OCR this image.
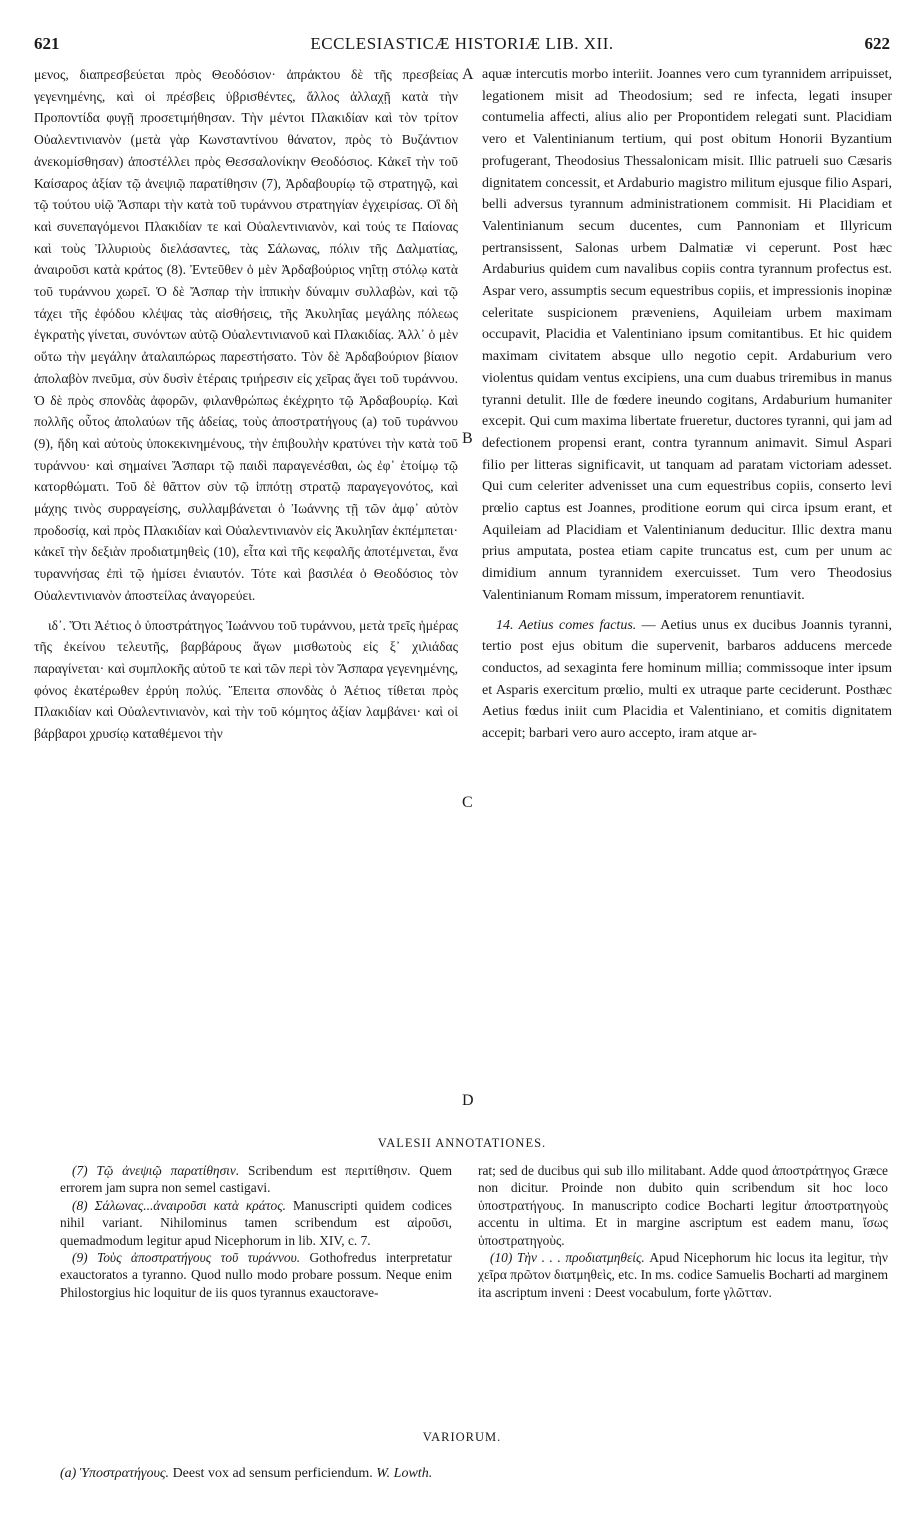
621	ECCLESIASTICÆ HISTORIÆ LIB. XII.	622

μενος, διαπρεσβεύεται πρὸς Θεοδόσιον· ἀπράκτου δὲ τῆς πρεσβείας γεγενημένης, καὶ οἱ πρέσβεις ὑβρισθέντες, ἄλλος ἀλλαχῇ κατὰ τὴν Προποντίδα φυγῇ προσετιμήθησαν. Τὴν μέντοι Πλακιδίαν καὶ τὸν τρίτον Οὐαλεντινιανὸν (μετὰ γὰρ Κωνσταντίνου θάνατον, πρὸς τὸ Βυζάντιον ἀνεκομίσθησαν) ἀποστέλλει πρὸς Θεσσαλονίκην Θεοδόσιος. Κἀκεῖ τὴν τοῦ Καίσαρος ἀξίαν τῷ ἀνεψιῷ παρατίθησιν (7), Ἀρδαβουρίῳ τῷ στρατηγῷ, καὶ τῷ τούτου υἱῷ Ἄσπαρι τὴν κατὰ τοῦ τυράννου στρατηγίαν ἐγχειρίσας. Οἳ δὴ καὶ συνεπαγόμενοι Πλακιδίαν τε καὶ Οὐαλεντινιανὸν, καὶ τούς τε Παίονας καὶ τοὺς Ἰλλυριοὺς διελάσαντες, τὰς Σάλωνας, πόλιν τῆς Δαλματίας, ἀναιροῦσι κατὰ κράτος (8). Ἐντεῦθεν ὁ μὲν Ἀρδαβούριος νηΐτῃ στόλῳ κατὰ τοῦ τυράννου χωρεῖ. Ὁ δὲ Ἄσπαρ τὴν ἱππικὴν δύναμιν συλλαβὼν, καὶ τῷ τάχει τῆς ἐφόδου κλέψας τὰς αἰσθήσεις, τῆς Ἀκυληΐας μεγάλης πόλεως ἐγκρατὴς γίνεται, συνόντων αὐτῷ Οὐαλεντινιανοῦ καὶ Πλακιδίας. Ἀλλ᾽ ὁ μὲν οὕτω τὴν μεγάλην ἀταλαιπώρως παρεστήσατο. Τὸν δὲ Ἀρδαβούριον βίαιον ἀπολαβὸν πνεῦμα, σὺν δυσὶν ἑτέραις τριήρεσιν εἰς χεῖρας ἄγει τοῦ τυράννου. Ὁ δὲ πρὸς σπονδὰς ἀφορῶν, φιλανθρώπως ἐκέχρητο τῷ Ἀρδαβουρίῳ. Καὶ πολλῆς οὗτος ἀπολαύων τῆς ἀδείας, τοὺς ἀποστρατήγους (a) τοῦ τυράννου (9), ἤδη καὶ αὐτοὺς ὑποκεκινημένους, τὴν ἐπιβουλὴν κρατύνει τὴν κατὰ τοῦ τυράννου· καὶ σημαίνει Ἄσπαρι τῷ παιδὶ παραγενέσθαι, ὡς ἐφ᾽ ἑτοίμῳ τῷ κατορθώματι. Τοῦ δὲ θᾶττον σὺν τῷ ἱππότῃ στρατῷ παραγεγονότος, καὶ μάχης τινὸς συρραγείσης, συλλαμβάνεται ὁ Ἰωάννης τῇ τῶν ἀμφ᾽ αὐτὸν προδοσίᾳ, καὶ πρὸς Πλακιδίαν καὶ Οὐαλεντινιανὸν εἰς Ἀκυληΐαν ἐκπέμπεται· κἀκεῖ τὴν δεξιὰν προδιατμηθεὶς (10), εἶτα καὶ τῆς κεφαλῆς ἀποτέμνεται, ἕνα τυραννήσας ἐπὶ τῷ ἡμίσει ἐνιαυτόν. Τότε καὶ βασιλέα ὁ Θεοδόσιος τὸν Οὐαλεντινιανὸν ἀποστείλας ἀναγορεύει.

ιδ᾽. Ὅτι Ἀέτιος ὁ ὑποστράτηγος Ἰωάννου τοῦ τυράννου, μετὰ τρεῖς ἡμέρας τῆς ἐκείνου τελευτῆς, βαρβάρους ἄγων μισθωτοὺς εἰς ξ᾽ χιλιάδας παραγίνεται· καὶ συμπλοκῆς αὐτοῦ τε καὶ τῶν περὶ τὸν Ἄσπαρα γεγενημένης, φόνος ἑκατέρωθεν ἐρρύη πολύς. Ἔπειτα σπονδὰς ὁ Ἀέτιος τίθεται πρὸς Πλακιδίαν καὶ Οὐαλεντινιανὸν, καὶ τὴν τοῦ κόμητος ἀξίαν λαμβάνει· καὶ οἱ βάρβαροι χρυσίῳ καταθέμενοι τὴν

A
B
C
D

aquæ intercutis morbo interiit. Joannes vero cum tyrannidem arripuisset, legationem misit ad Theodosium; sed re infecta, legati insuper contumelia affecti, alius alio per Propontidem relegati sunt. Placidiam vero et Valentinianum tertium, qui post obitum Honorii Byzantium profugerant, Theodosius Thessalonicam misit. Illic patrueli suo Cæsaris dignitatem concessit, et Ardaburio magistro militum ejusque filio Aspari, belli adversus tyrannum administrationem commisit. Hi Placidiam et Valentinianum secum ducentes, cum Pannoniam et Illyricum pertransissent, Salonas urbem Dalmatiæ vi ceperunt. Post hæc Ardaburius quidem cum navalibus copiis contra tyrannum profectus est. Aspar vero, assumptis secum equestribus copiis, et impressionis inopinæ celeritate suspicionem præveniens, Aquileiam urbem maximam occupavit, Placidia et Valentiniano ipsum comitantibus. Et hic quidem maximam civitatem absque ullo negotio cepit. Ardaburium vero violentus quidam ventus excipiens, una cum duabus triremibus in manus tyranni detulit. Ille de fœdere ineundo cogitans, Ardaburium humaniter excepit. Qui cum maxima libertate frueretur, ductores tyranni, qui jam ad defectionem propensi erant, contra tyrannum animavit. Simul Aspari filio per litteras significavit, ut tanquam ad paratam victoriam adesset. Qui cum celeriter advenisset una cum equestribus copiis, conserto levi prœlio captus est Joannes, proditione eorum qui circa ipsum erant, et Aquileiam ad Placidiam et Valentinianum deducitur. Illic dextra manu prius amputata, postea etiam capite truncatus est, cum per unum ac dimidium annum tyrannidem exercuisset. Tum vero Theodosius Valentinianum Romam missum, imperatorem renuntiavit.

14. Aetius comes factus. — Aetius unus ex ducibus Joannis tyranni, tertio post ejus obitum die supervenit, barbaros adducens mercede conductos, ad sexaginta fere hominum millia; commissoque inter ipsum et Asparis exercitum prœlio, multi ex utraque parte ceciderunt. Posthæc Aetius fœdus iniit cum Placidia et Valentiniano, et comitis dignitatem accepit; barbari vero auro accepto, iram atque ar-

VALESII ANNOTATIONES.

(7) Τῷ ἀνεψιῷ παρατίθησιν. Scribendum est περιτίθησιν. Quem errorem jam supra non semel castigavi.

(8) Σάλωνας...ἀναιροῦσι κατὰ κράτος. Manuscripti quidem codices nihil variant. Nihilominus tamen scribendum est αἱροῦσι, quemadmodum legitur apud Nicephorum in lib. XIV, c. 7.

(9) Τοὺς ἀποστρατήγους τοῦ τυράννου. Gothofredus interpretatur exauctoratos a tyranno. Quod nullo modo probare possum. Neque enim Philostorgius hic loquitur de iis quos tyrannus exauctorave-

rat; sed de ducibus qui sub illo militabant. Adde quod ἀποστράτηγος Græce non dicitur. Proinde non dubito quin scribendum sit hoc loco ὑποστρατήγους. In manuscripto codice Bocharti legitur ἀποστρατηγοὺς accentu in ultima. Et in margine ascriptum est eadem manu, ἴσως ὑποστρατηγοὺς.

(10) Τὴν . . . προδιατμηθείς. Apud Nicephorum hic locus ita legitur, τὴν χεῖρα πρῶτον διατμηθεὶς, etc. In ms. codice Samuelis Bocharti ad marginem ita ascriptum inveni : Deest vocabulum, forte γλῶτταν.

VARIORUM.
(a) Ὑποστρατήγους. Deest vox ad sensum perficiendum. W. Lowth.
